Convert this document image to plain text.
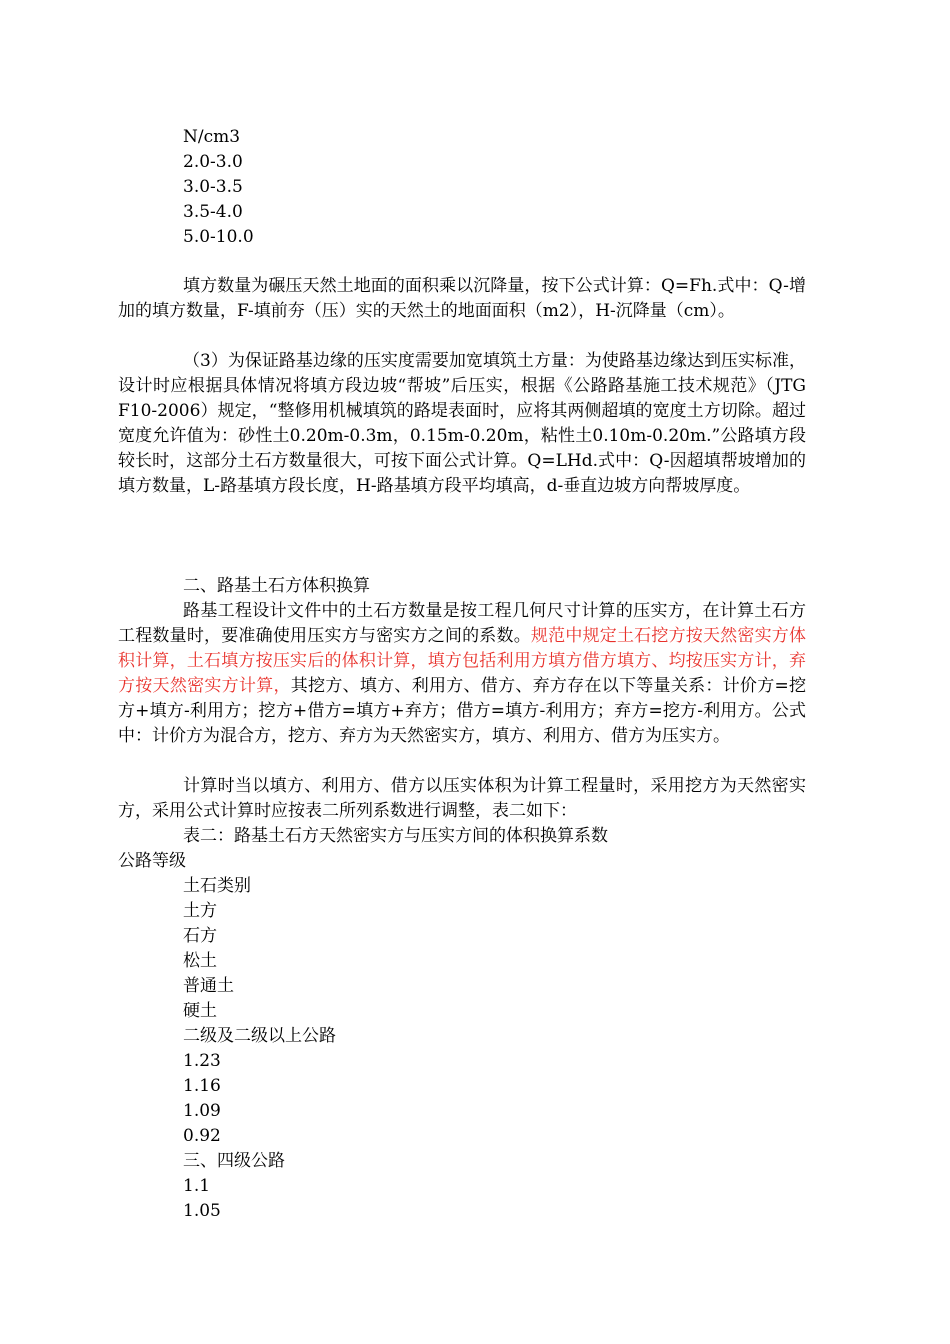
N/cm3
2.0-3.0
3.0-3.5
3.5-4.0
5.0-10.0

填方数量为碾压天然土地面的面积乘以沉降量，按下公式计算：Q=Fh.式中：Q-增加的填方数量，F-填前夯（压）实的天然土的地面面积（m2），H-沉降量（cm）。

（3）为保证路基边缘的压实度需要加宽填筑土方量：为使路基边缘达到压实标准，设计时应根据具体情况将填方段边坡“帮坡”后压实，根据《公路路基施工技术规范》（JTG F10-2006）规定，“整修用机械填筑的路堤表面时，应将其两侧超填的宽度土方切除。超过宽度允许值为：砂性土0.20m-0.3m，0.15m-0.20m，粘性土0.10m-0.20m.”公路填方段较长时，这部分土石方数量很大，可按下面公式计算。Q=LHd.式中：Q-因超填帮坡增加的填方数量，L-路基填方段长度，H-路基填方段平均填高，d-垂直边坡方向帮坡厚度。

二、路基土石方体积换算

路基工程设计文件中的土石方数量是按工程几何尺寸计算的压实方，在计算土石方工程数量时，要准确使用压实方与密实方之间的系数。规范中规定土石挖方按天然密实方体积计算，土石填方按压实后的体积计算，填方包括利用方填方借方填方、均按压实方计，弃方按天然密实方计算，其挖方、填方、利用方、借方、弃方存在以下等量关系：计价方=挖方+填方-利用方；挖方+借方=填方+弃方；借方=填方-利用方；弃方=挖方-利用方。公式中：计价方为混合方，挖方、弃方为天然密实方，填方、利用方、借方为压实方。

计算时当以填方、利用方、借方以压实体积为计算工程量时，采用挖方为天然密实方，采用公式计算时应按表二所列系数进行调整，表二如下：

表二：路基土石方天然密实方与压实方间的体积换算系数
公路等级
土石类别
土方
石方
松土
普通土
硬土
二级及二级以上公路
1.23
1.16
1.09
0.92
三、四级公路
1.1
1.05
